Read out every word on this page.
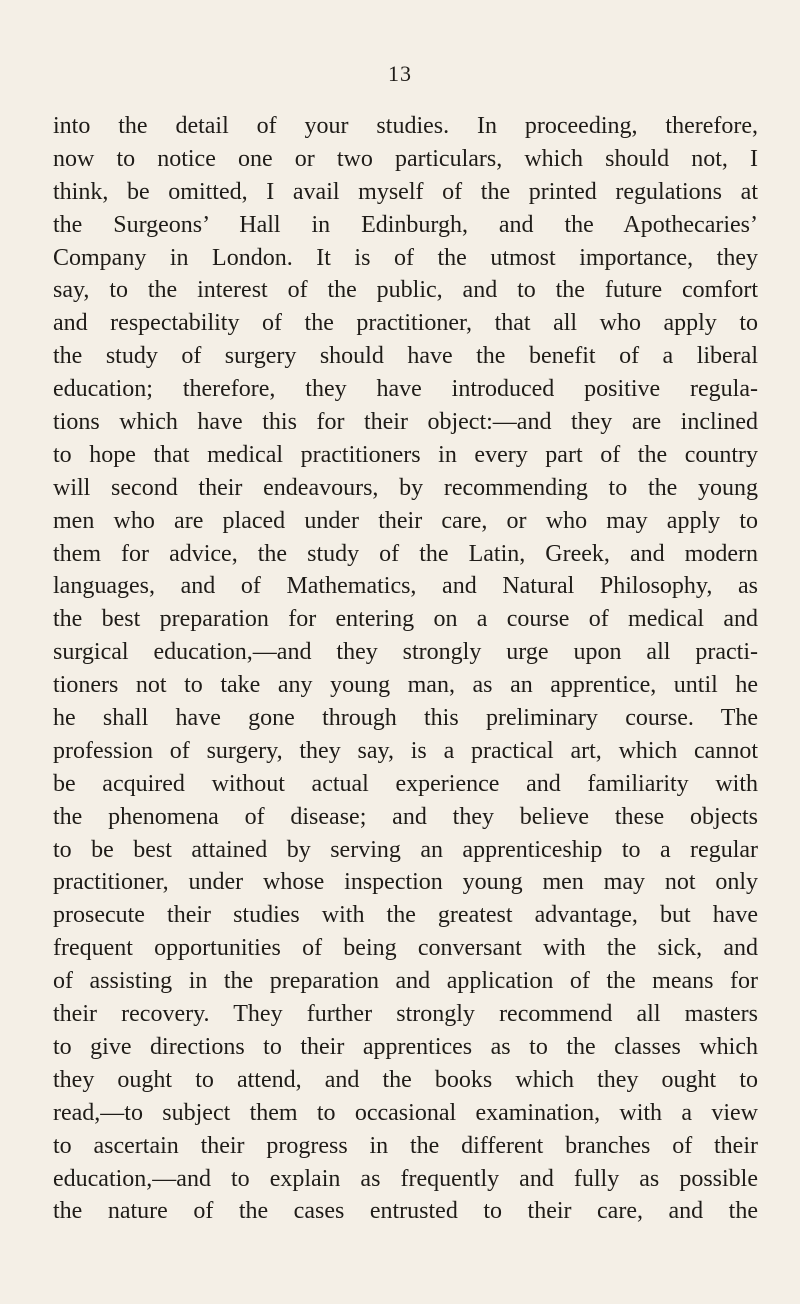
13
into the detail of your studies. In proceeding, therefore,
now to notice one or two particulars, which should not, I
think, be omitted, I avail myself of the printed regulations at
the Surgeons’ Hall in Edinburgh, and the Apothecaries’
Company in London. It is of the utmost importance, they
say, to the interest of the public, and to the future comfort
and respectability of the practitioner, that all who apply to
the study of surgery should have the benefit of a liberal
education; therefore, they have introduced positive regula-
tions which have this for their object:—and they are inclined
to hope that medical practitioners in every part of the country
will second their endeavours, by recommending to the young
men who are placed under their care, or who may apply to
them for advice, the study of the Latin, Greek, and modern
languages, and of Mathematics, and Natural Philosophy, as
the best preparation for entering on a course of medical and
surgical education,—and they strongly urge upon all practi-
tioners not to take any young man, as an apprentice, until he
he shall have gone through this preliminary course. The
profession of surgery, they say, is a practical art, which cannot
be acquired without actual experience and familiarity with
the phenomena of disease; and they believe these objects
to be best attained by serving an apprenticeship to a regular
practitioner, under whose inspection young men may not only
prosecute their studies with the greatest advantage, but have
frequent opportunities of being conversant with the sick, and
of assisting in the preparation and application of the means for
their recovery. They further strongly recommend all masters
to give directions to their apprentices as to the classes which
they ought to attend, and the books which they ought to
read,—to subject them to occasional examination, with a view
to ascertain their progress in the different branches of their
education,—and to explain as frequently and fully as possible
the nature of the cases entrusted to their care, and the
